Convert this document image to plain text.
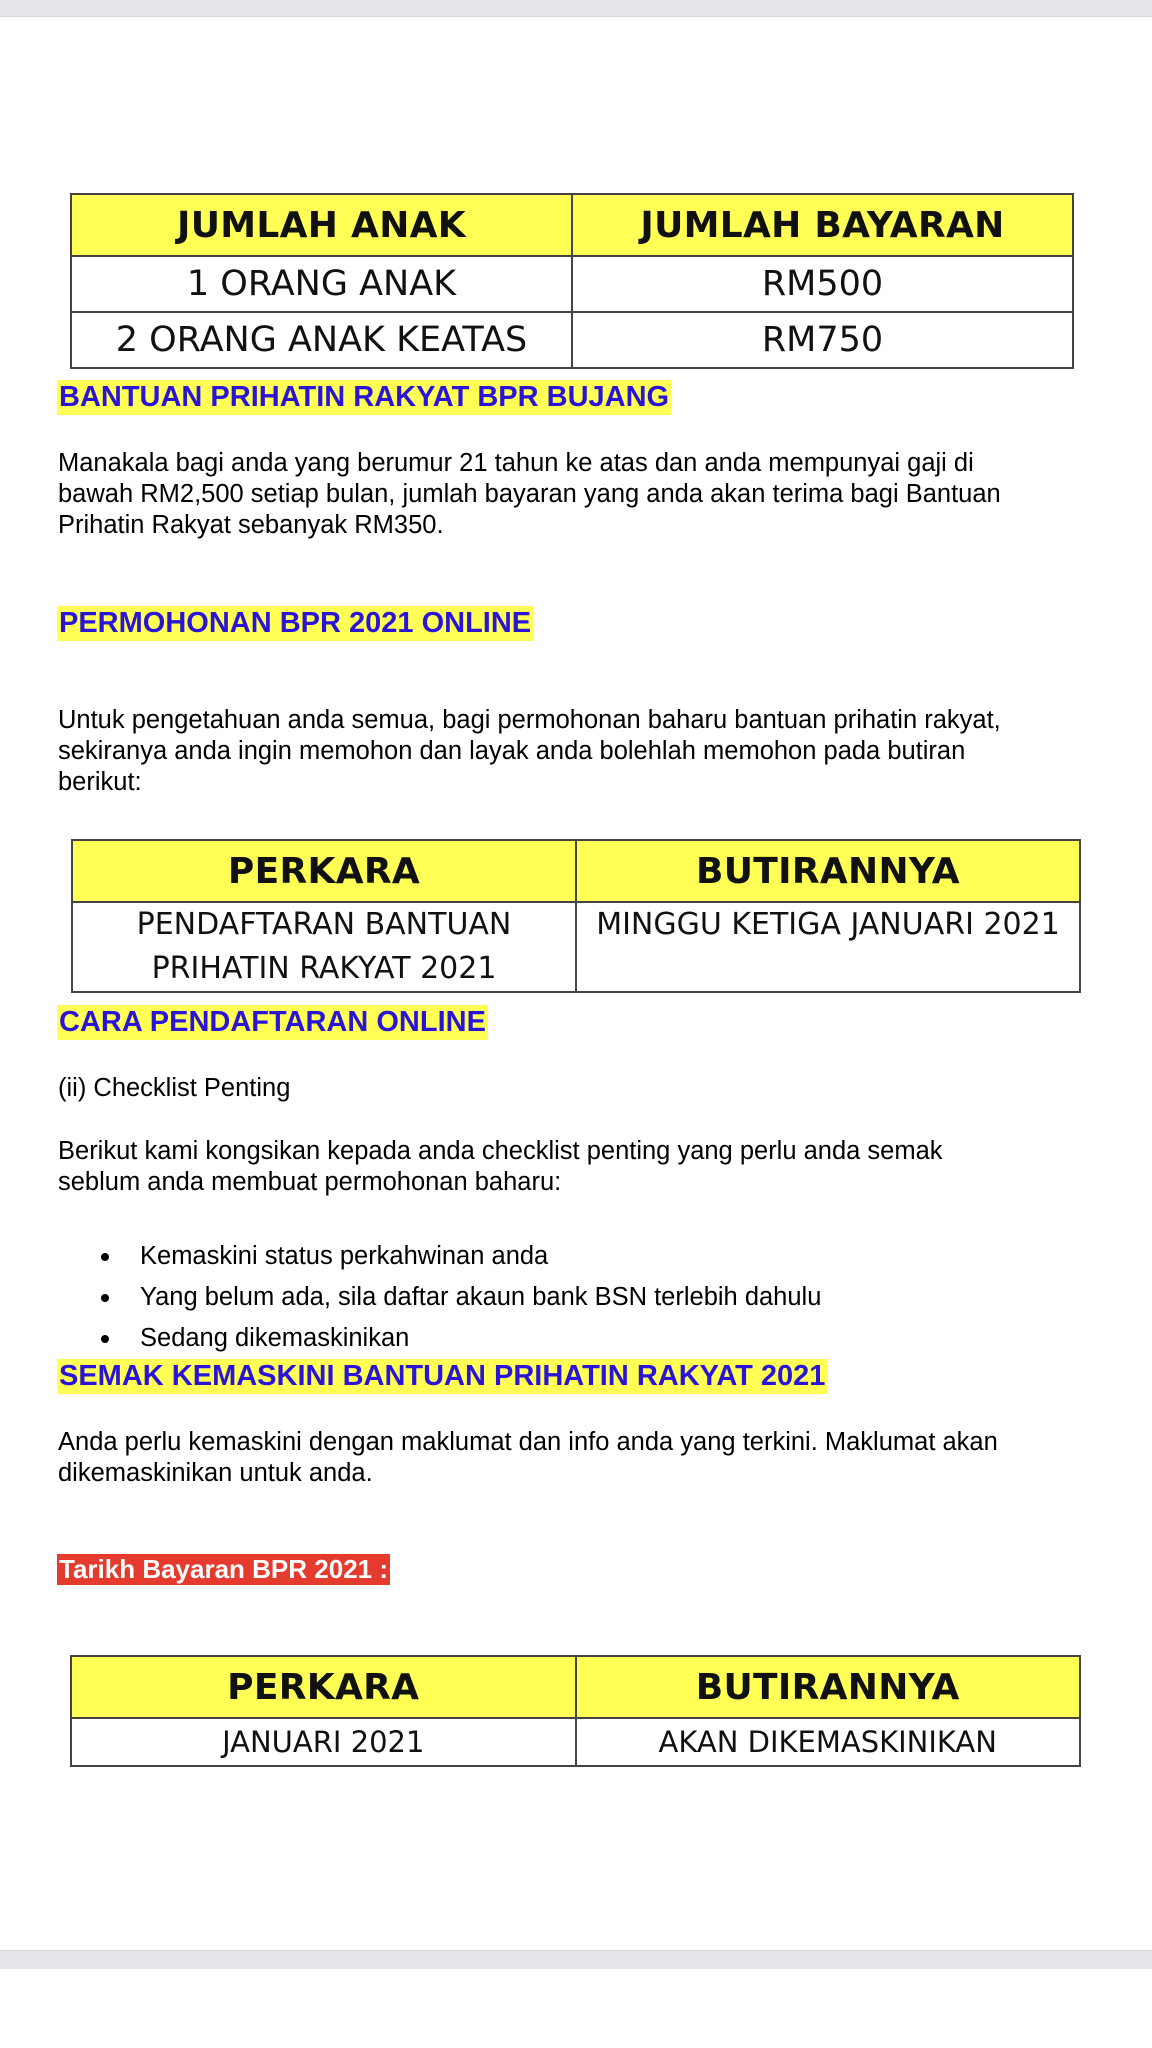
JUMLAH ANAK	JUMLAH BAYARAN
1 ORANG ANAK	RM500
2 ORANG ANAK KEATAS	RM750
BANTUAN PRIHATIN RAKYAT BPR BUJANG

Manakala bagi anda yang berumur 21 tahun ke atas dan anda mempunyai gaji di
bawah RM2,500 setiap bulan, jumlah bayaran yang anda akan terima bagi Bantuan
Prihatin Rakyat sebanyak RM350.

PERMOHONAN BPR 2021 ONLINE

Untuk pengetahuan anda semua, bagi permohonan baharu bantuan prihatin rakyat,
sekiranya anda ingin memohon dan layak anda bolehlah memohon pada butiran
berikut:

PERKARA	BUTIRANNYA
PENDAFTARAN BANTUAN
PRIHATIN RAKYAT 2021	MINGGU KETIGA JANUARI 2021
CARA PENDAFTARAN ONLINE

(ii) Checklist Penting

Berikut kami kongsikan kepada anda checklist penting yang perlu anda semak
seblum anda membuat permohonan baharu:

Kemaskini status perkahwinan anda
Yang belum ada, sila daftar akaun bank BSN terlebih dahulu
Sedang dikemaskinikan
SEMAK KEMASKINI BANTUAN PRIHATIN RAKYAT 2021

Anda perlu kemaskini dengan maklumat dan info anda yang terkini. Maklumat akan
dikemaskinikan untuk anda.

Tarikh Bayaran BPR 2021 :
PERKARA	BUTIRANNYA
JANUARI 2021	AKAN DIKEMASKINIKAN
